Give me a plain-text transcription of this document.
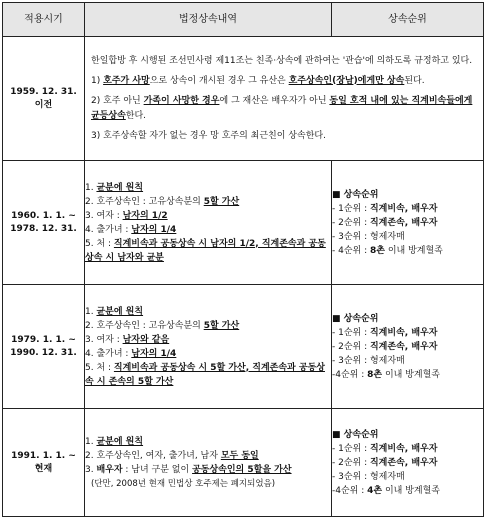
적용시기	법정상속내역	상속순위

1959. 12. 31.
이전	한일합방 후 시행된 조선민사령 제11조는 친족·상속에 관하여는 '관습'에 의하도록 규정하고 있다.
1) 호주가 사망으로 상속이 개시된 경우 그 유산은 호주상속인(장남)에게만 상속된다.
2) 호주 아닌 가족이 사망한 경우에 그 재산은 배우자가 아닌 동일 호적 내에 있는 직계비속들에게 균등상속한다.
3) 호주상속할 자가 없는 경우 망 호주의 최근친이 상속한다.	

1960. 1. 1. ~
1978. 12. 31.	1. 균분에 원칙
2. 호주상속인 : 고유상속분의 5할 가산
3. 여자 : 남자의 1/2
4. 출가녀 : 남자의 1/4
5. 처 : 직계비속과 공동상속 시 남자의 1/2, 직계존속과 공동상속 시 남자와 균분	■ 상속순위
- 1순위 : 직계비속, 배우자
- 2순위 : 직계존속, 배우자
- 3순위 : 형제자매
- 4순위 : 8촌 이내 방계혈족

1979. 1. 1. ~
1990. 12. 31.	1. 균분에 원칙
2. 호주상속인 : 고유상속분의 5할 가산
3. 여자 : 남자와 같음
4. 출가녀 : 남자의 1/4
5. 처 : 직계비속과 공동상속 시 5할 가산, 직계존속과 공동상속 시 존속의 5할 가산	■ 상속순위
- 1순위 : 직계비속, 배우자
- 2순위 : 직계존속, 배우자
- 3순위 : 형제자매
-4순위 : 8촌 이내 방계혈족

1991. 1. 1. ~
현재	1. 균분에 원칙
2. 호주상속인, 여자, 출가녀, 남자 모두 동일
3. 배우자 : 남녀 구분 없이 공동상속인의 5할을 가산
(단만, 2008년 현재 민법상 호주제는 폐지되었음)	■ 상속순위
- 1순위 : 직계비속, 배우자
- 2순위 : 직계존속, 배우자
- 3순위 : 형제자매
-4순위 : 4촌 이내 방계혈족
